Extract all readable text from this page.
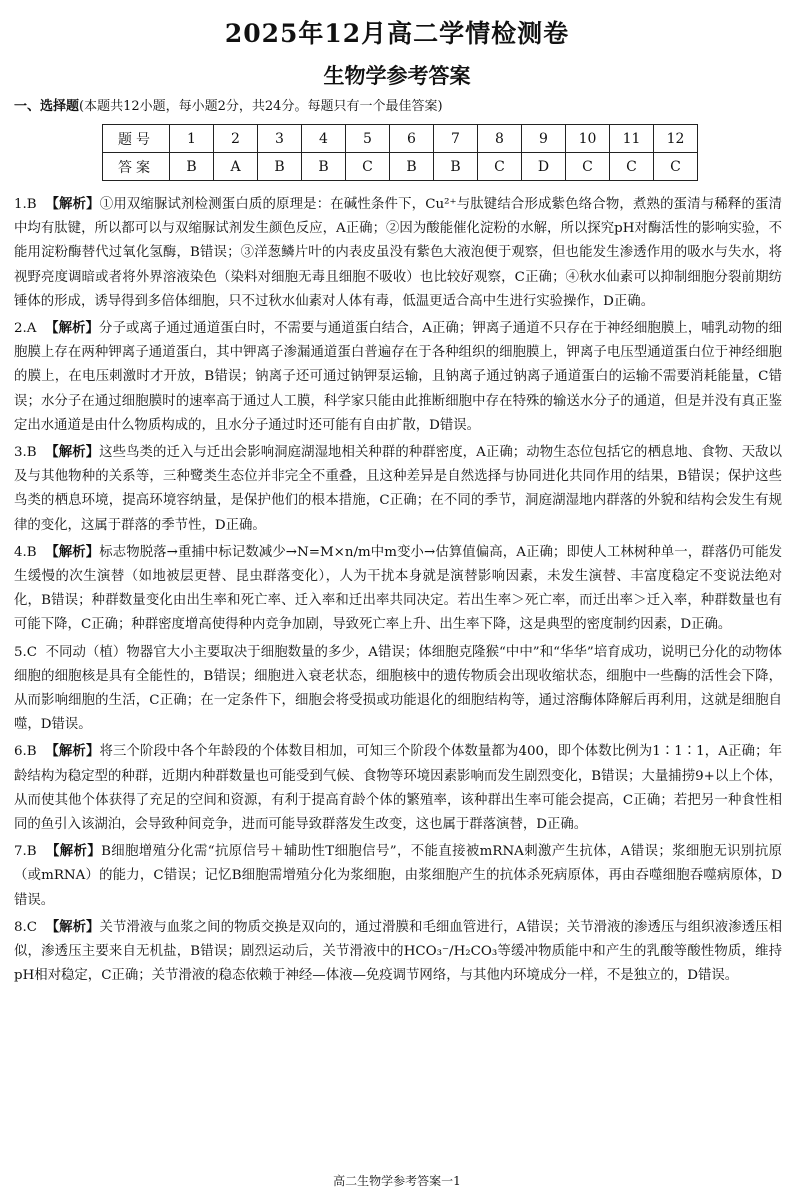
2025年12月高二学情检测卷
生物学参考答案
一、选择题(本题共12小题，每小题2分，共24分。每题只有一个最佳答案)
题号	1	2	3	4	5	6	7	8	9	10	11	12
答案	B	A	B	B	C	B	B	C	D	C	C	C

1.B 【解析】①用双缩脲试剂检测蛋白质的原理是：在碱性条件下，Cu²⁺与肽键结合形成紫色络合物，煮熟的蛋清与稀释的蛋清中均有肽键，所以都可以与双缩脲试剂发生颜色反应，A正确；②因为酸能催化淀粉的水解，所以探究pH对酶活性的影响实验，不能用淀粉酶替代过氧化氢酶，B错误；③洋葱鳞片叶的内表皮虽没有紫色大液泡便于观察，但也能发生渗透作用的吸水与失水，将视野亮度调暗或者将外界溶液染色（染料对细胞无毒且细胞不吸收）也比较好观察，C正确；④秋水仙素可以抑制细胞分裂前期纺锤体的形成，诱导得到多倍体细胞，只不过秋水仙素对人体有毒，低温更适合高中生进行实验操作，D正确。

2.A 【解析】分子或离子通过通道蛋白时，不需要与通道蛋白结合，A正确；钾离子通道不只存在于神经细胞膜上，哺乳动物的细胞膜上存在两种钾离子通道蛋白，其中钾离子渗漏通道蛋白普遍存在于各种组织的细胞膜上，钾离子电压型通道蛋白位于神经细胞的膜上，在电压刺激时才开放，B错误；钠离子还可通过钠钾泵运输，且钠离子通过钠离子通道蛋白的运输不需要消耗能量，C错误；水分子在通过细胞膜时的速率高于通过人工膜，科学家只能由此推断细胞中存在特殊的输送水分子的通道，但是并没有真正鉴定出水通道是由什么物质构成的，且水分子通过时还可能有自由扩散，D错误。

3.B 【解析】这些鸟类的迁入与迁出会影响洞庭湖湿地相关种群的种群密度，A正确；动物生态位包括它的栖息地、食物、天敌以及与其他物种的关系等，三种鹭类生态位并非完全不重叠，且这种差异是自然选择与协同进化共同作用的结果，B错误；保护这些鸟类的栖息环境，提高环境容纳量，是保护他们的根本措施，C正确；在不同的季节，洞庭湖湿地内群落的外貌和结构会发生有规律的变化，这属于群落的季节性，D正确。

4.B 【解析】标志物脱落→重捕中标记数减少→N=M×n/m中m变小→估算值偏高，A正确；即使人工林树种单一，群落仍可能发生缓慢的次生演替（如地被层更替、昆虫群落变化），人为干扰本身就是演替影响因素，未发生演替、丰富度稳定不变说法绝对化，B错误；种群数量变化由出生率和死亡率、迁入率和迁出率共同决定。若出生率＞死亡率，而迁出率＞迁入率，种群数量也有可能下降，C正确；种群密度增高使得种内竞争加剧，导致死亡率上升、出生率下降，这是典型的密度制约因素，D正确。

5.C 不同动（植）物器官大小主要取决于细胞数量的多少，A错误；体细胞克隆猴“中中”和“华华”培育成功，说明已分化的动物体细胞的细胞核是具有全能性的，B错误；细胞进入衰老状态，细胞核中的遗传物质会出现收缩状态，细胞中一些酶的活性会下降，从而影响细胞的生活，C正确；在一定条件下，细胞会将受损或功能退化的细胞结构等，通过溶酶体降解后再利用，这就是细胞自噬，D错误。

6.B 【解析】将三个阶段中各个年龄段的个体数目相加，可知三个阶段个体数量都为400，即个体数比例为1∶1∶1，A正确；年龄结构为稳定型的种群，近期内种群数量也可能受到气候、食物等环境因素影响而发生剧烈变化，B错误；大量捕捞9+以上个体，从而使其他个体获得了充足的空间和资源，有利于提高育龄个体的繁殖率，该种群出生率可能会提高，C正确；若把另一种食性相同的鱼引入该湖泊，会导致种间竞争，进而可能导致群落发生改变，这也属于群落演替，D正确。

7.B 【解析】B细胞增殖分化需“抗原信号＋辅助性T细胞信号”，不能直接被mRNA刺激产生抗体，A错误；浆细胞无识别抗原（或mRNA）的能力，C错误；记忆B细胞需增殖分化为浆细胞，由浆细胞产生的抗体杀死病原体，再由吞噬细胞吞噬病原体，D错误。

8.C 【解析】关节滑液与血浆之间的物质交换是双向的，通过滑膜和毛细血管进行，A错误；关节滑液的渗透压与组织液渗透压相似，渗透压主要来自无机盐，B错误；剧烈运动后，关节滑液中的HCO₃⁻/H₂CO₃等缓冲物质能中和产生的乳酸等酸性物质，维持pH相对稳定，C正确；关节滑液的稳态依赖于神经—体液—免疫调节网络，与其他内环境成分一样，不是独立的，D错误。

高二生物学参考答案一1
